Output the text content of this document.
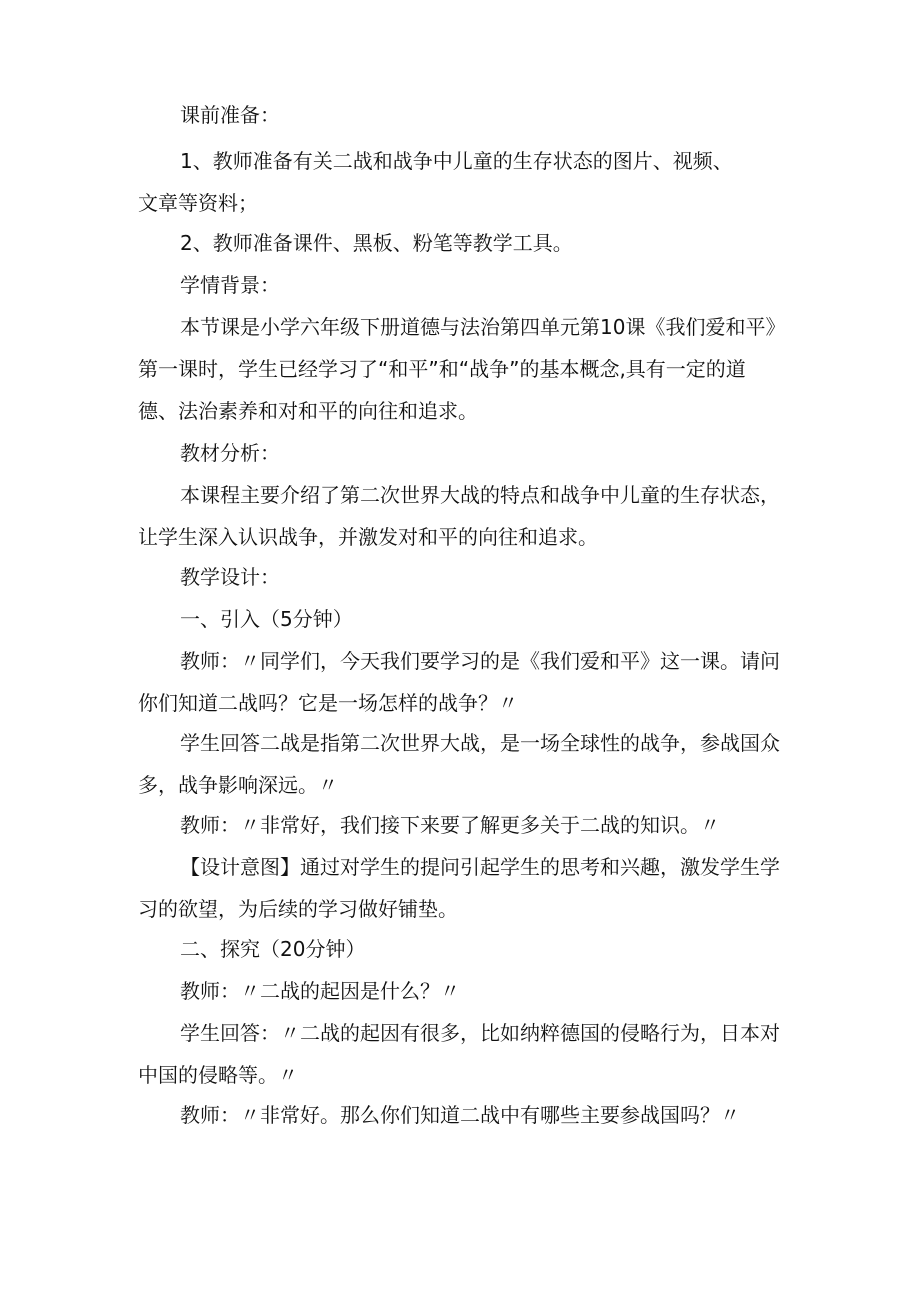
课前准备：

1、教师准备有关二战和战争中儿童的生存状态的图片、视频、
文章等资料；

2、教师准备课件、黑板、粉笔等教学工具。

学情背景：

本节课是小学六年级下册道德与法治第四单元第10课《我们爱和平》
第一课时，学生已经学习了“和平”和“战争”的基本概念,具有一定的道
德、法治素养和对和平的向往和追求。

教材分析：

本课程主要介绍了第二次世界大战的特点和战争中儿童的生存状态，
让学生深入认识战争，并激发对和平的向往和追求。

教学设计：

一、引入（5分钟）

教师：〃同学们，今天我们要学习的是《我们爱和平》这一课。请问
你们知道二战吗？它是一场怎样的战争？〃

学生回答二战是指第二次世界大战，是一场全球性的战争，参战国众
多，战争影响深远。〃

教师：〃非常好，我们接下来要了解更多关于二战的知识。〃

【设计意图】通过对学生的提问引起学生的思考和兴趣，激发学生学
习的欲望，为后续的学习做好铺垫。

二、探究（20分钟）

教师：〃二战的起因是什么？〃

学生回答：〃二战的起因有很多，比如纳粹德国的侵略行为，日本对
中国的侵略等。〃

教师：〃非常好。那么你们知道二战中有哪些主要参战国吗？〃
